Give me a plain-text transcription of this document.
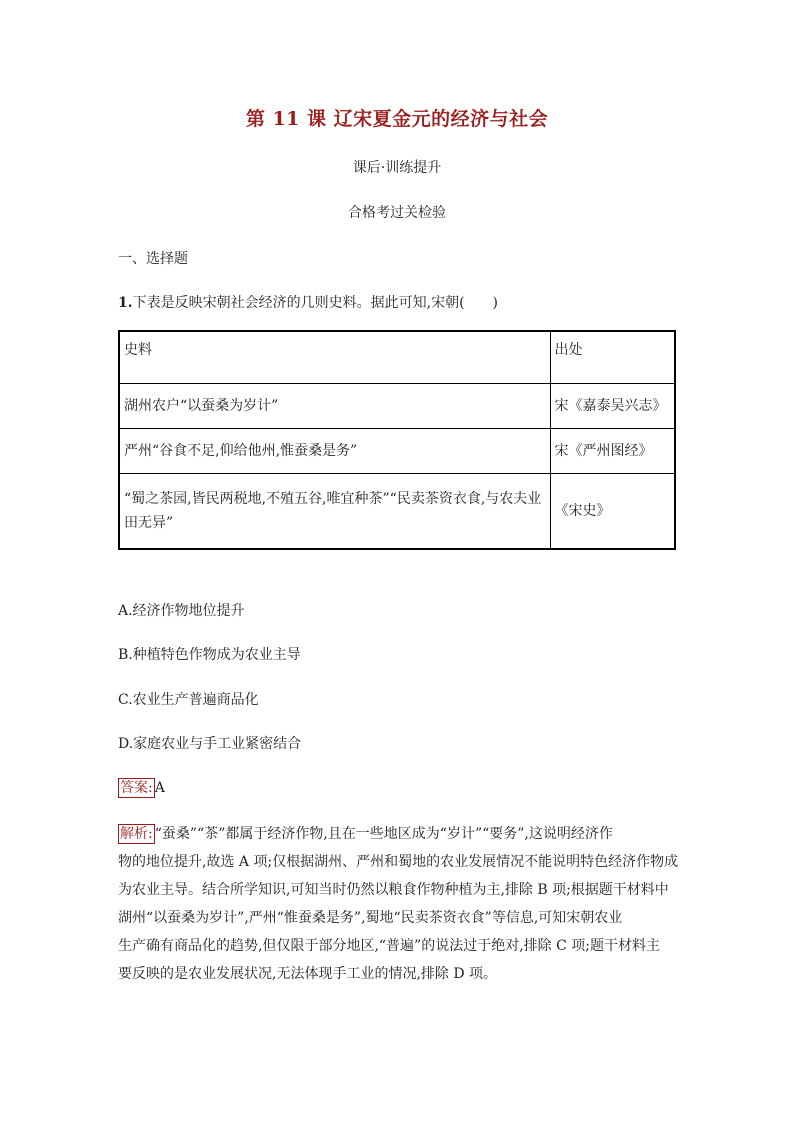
第 11 课 辽宋夏金元的经济与社会
课后·训练提升
合格考过关检验
一、选择题
1.下表是反映宋朝社会经济的几则史料。据此可知,宋朝(　　)
史料	出处
湖州农户“以蚕桑为岁计”	宋《嘉泰吴兴志》
严州“谷食不足,仰给他州,惟蚕桑是务”	宋《严州图经》
“蜀之茶园,皆民两税地,不殖五谷,唯宜种茶”“民卖茶资衣食,与农夫业田无异”	《宋史》
A.经济作物地位提升
B.种植特色作物成为农业主导
C.农业生产普遍商品化
D.家庭农业与手工业紧密结合
答案: A
解析: “蚕桑”“茶”都属于经济作物,且在一些地区成为“岁计”“要务”,这说明经济作
物的地位提升,故选 A 项;仅根据湖州、严州和蜀地的农业发展情况不能说明特色经济作物成
为农业主导。结合所学知识,可知当时仍然以粮食作物种植为主,排除 B 项;根据题干材料中
湖州“以蚕桑为岁计”,严州“惟蚕桑是务”,蜀地“民卖茶资衣食”等信息,可知宋朝农业
生产确有商品化的趋势,但仅限于部分地区,“普遍”的说法过于绝对,排除 C 项;题干材料主
要反映的是农业发展状况,无法体现手工业的情况,排除 D 项。
